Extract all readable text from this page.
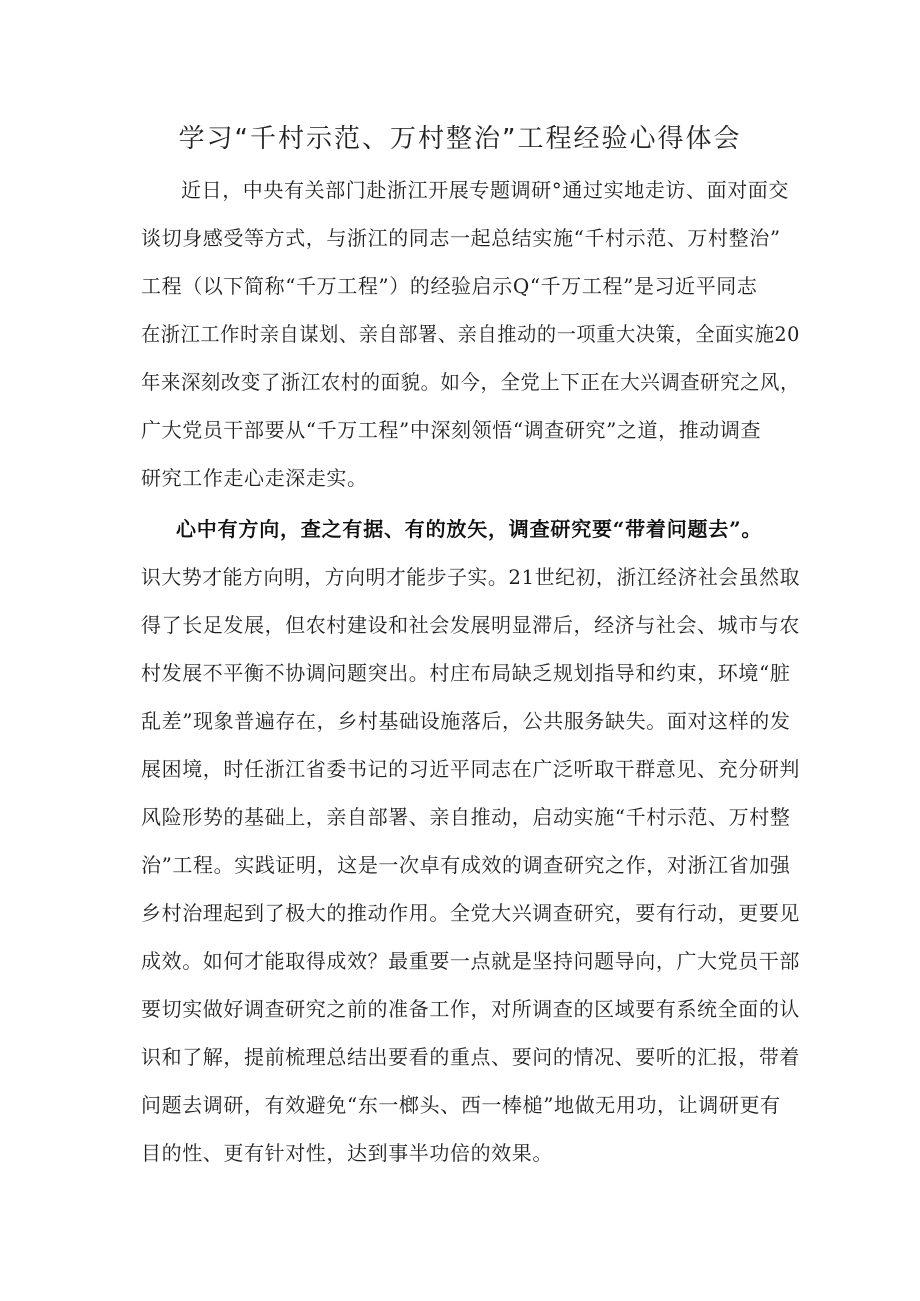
学习“千村示范、万村整治”工程经验心得体会
近日，中央有关部门赴浙江开展专题调研°通过实地走访、面对面交
谈切身感受等方式，与浙江的同志一起总结实施“千村示范、万村整治”
工程（以下简称“千万工程”）的经验启示Q“千万工程”是习近平同志
在浙江工作时亲自谋划、亲自部署、亲自推动的一项重大决策，全面实施20
年来深刻改变了浙江农村的面貌。如今，全党上下正在大兴调查研究之风，
广大党员干部要从“千万工程”中深刻领悟“调查研究”之道，推动调查
研究工作走心走深走实。
心中有方向，查之有据、有的放矢，调查研究要“带着问题去”。
识大势才能方向明，方向明才能步子实。21世纪初，浙江经济社会虽然取
得了长足发展，但农村建设和社会发展明显滞后，经济与社会、城市与农
村发展不平衡不协调问题突出。村庄布局缺乏规划指导和约束，环境“脏
乱差”现象普遍存在，乡村基础设施落后，公共服务缺失。面对这样的发
展困境，时任浙江省委书记的习近平同志在广泛听取干群意见、充分研判
风险形势的基础上，亲自部署、亲自推动，启动实施“千村示范、万村整
治”工程。实践证明，这是一次卓有成效的调查研究之作，对浙江省加强
乡村治理起到了极大的推动作用。全党大兴调查研究，要有行动，更要见
成效。如何才能取得成效？最重要一点就是坚持问题导向，广大党员干部
要切实做好调查研究之前的准备工作，对所调查的区域要有系统全面的认
识和了解，提前梳理总结出要看的重点、要问的情况、要听的汇报，带着
问题去调研，有效避免“东一榔头、西一棒槌”地做无用功，让调研更有
目的性、更有针对性，达到事半功倍的效果。
